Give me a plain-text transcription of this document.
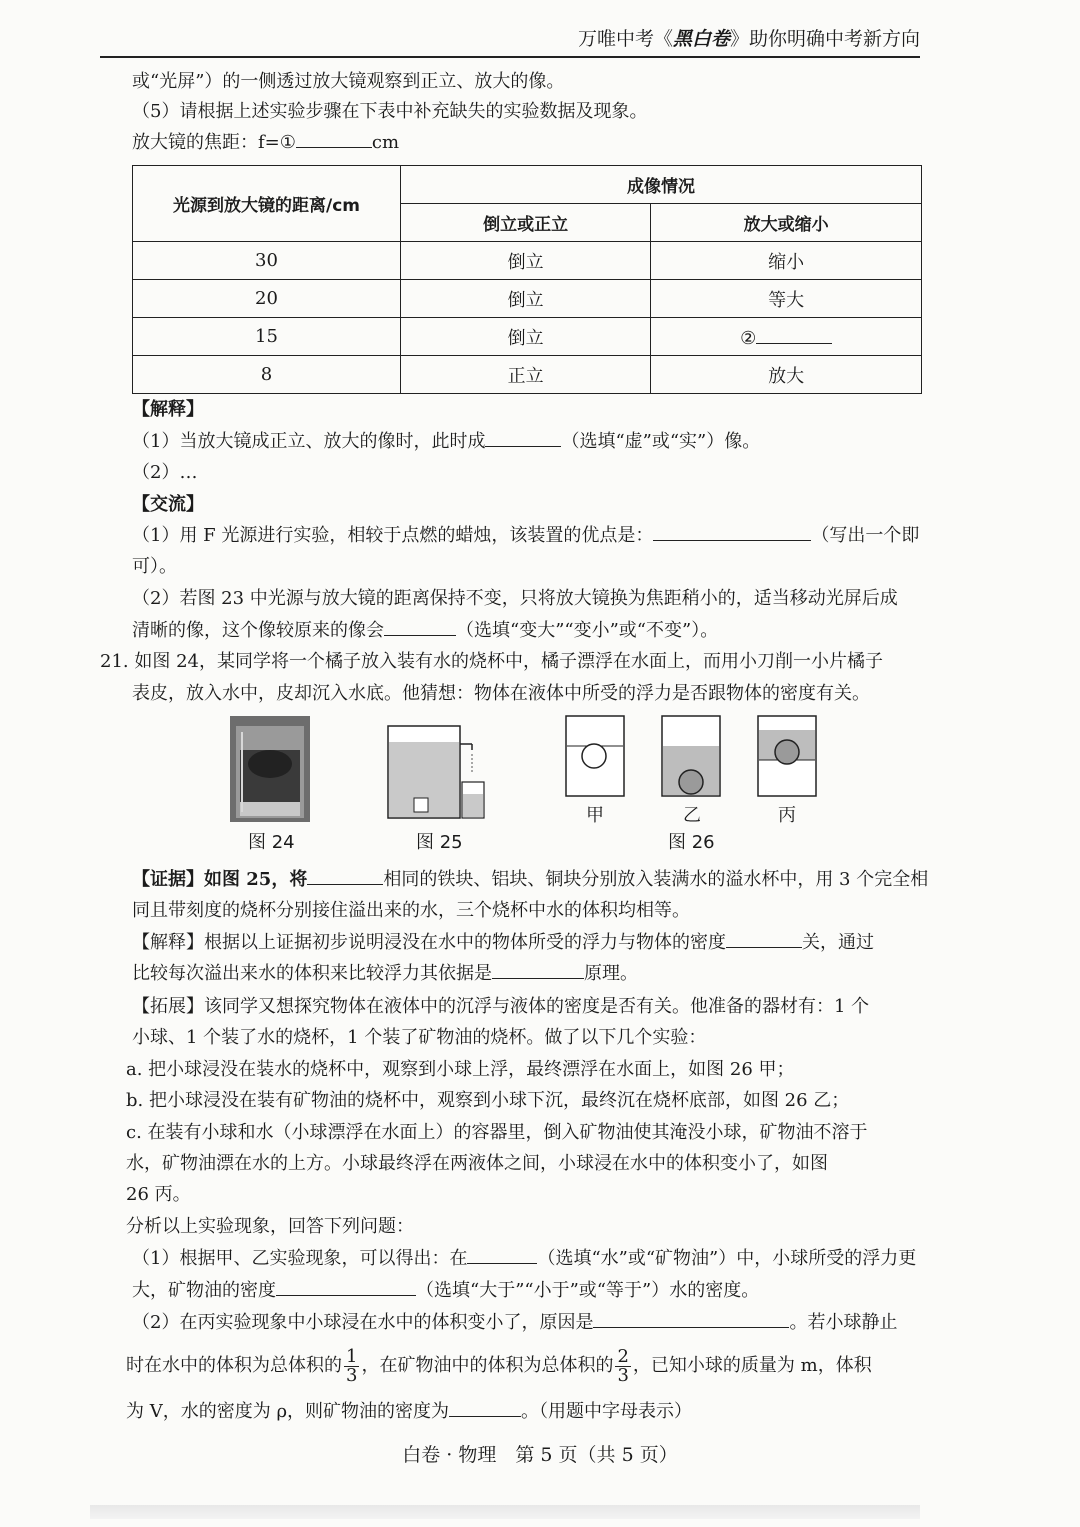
万唯中考《黑白卷》助你明确中考新方向
或“光屏”）的一侧透过放大镜观察到正立、放大的像。
（5）请根据上述实验步骤在下表中补充缺失的实验数据及现象。
放大镜的焦距：f=①	cm
光源到放大镜的距离/cm	成像情况	
	倒立或正立	放大或缩小
30	倒立	缩小
20	倒立	等大
15	倒立	②
8	正立	放大
【解释】
（1）当放大镜成正立、放大的像时，此时成	（选填“虚”或“实”）像。
（2）…
【交流】
（1）用 F 光源进行实验，相较于点燃的蜡烛，该装置的优点是：	（写出一个即
可）。
（2）若图 23 中光源与放大镜的距离保持不变，只将放大镜换为焦距稍小的，适当移动光屏后成
清晰的像，这个像较原来的像会	（选填“变大”“变小”或“不变”）。
21. 如图 24，某同学将一个橘子放入装有水的烧杯中，橘子漂浮在水面上，而用小刀削一小片橘子
表皮，放入水中，皮却沉入水底。他猜想：物体在液体中所受的浮力是否跟物体的密度有关。
图 24	图 25
甲	乙	丙
图 26
【证据】如图 25，将	相同的铁块、铝块、铜块分别放入装满水的溢水杯中，用 3 个完全相
同且带刻度的烧杯分别接住溢出来的水，三个烧杯中水的体积均相等。
【解释】根据以上证据初步说明浸没在水中的物体所受的浮力与物体的密度	关，通过
比较每次溢出来水的体积来比较浮力其依据是	原理。
【拓展】该同学又想探究物体在液体中的沉浮与液体的密度是否有关。他准备的器材有：1 个
小球、1 个装了水的烧杯，1 个装了矿物油的烧杯。做了以下几个实验：
a. 把小球浸没在装水的烧杯中，观察到小球上浮，最终漂浮在水面上，如图 26 甲；
b. 把小球浸没在装有矿物油的烧杯中，观察到小球下沉，最终沉在烧杯底部，如图 26 乙；
c. 在装有小球和水（小球漂浮在水面上）的容器里，倒入矿物油使其淹没小球，矿物油不溶于
水，矿物油漂在水的上方。小球最终浮在两液体之间，小球浸在水中的体积变小了，如图
26 丙。
分析以上实验现象，回答下列问题：
（1）根据甲、乙实验现象，可以得出：在	（选填“水”或“矿物油”）中，小球所受的浮力更
大，矿物油的密度	（选填“大于”“小于”或“等于”）水的密度。
（2）在丙实验现象中小球浸在水中的体积变小了，原因是	。若小球静止
时在水中的体积为总体积的 $\frac{1}{3}$ ，在矿物油中的体积为总体积的 $\frac{2}{3}$ ，已知小球的质量为 m，体积
为 V，水的密度为 ρ，则矿物油的密度为	。（用题中字母表示）
白卷 · 物理　第 5 页（共 5 页）
